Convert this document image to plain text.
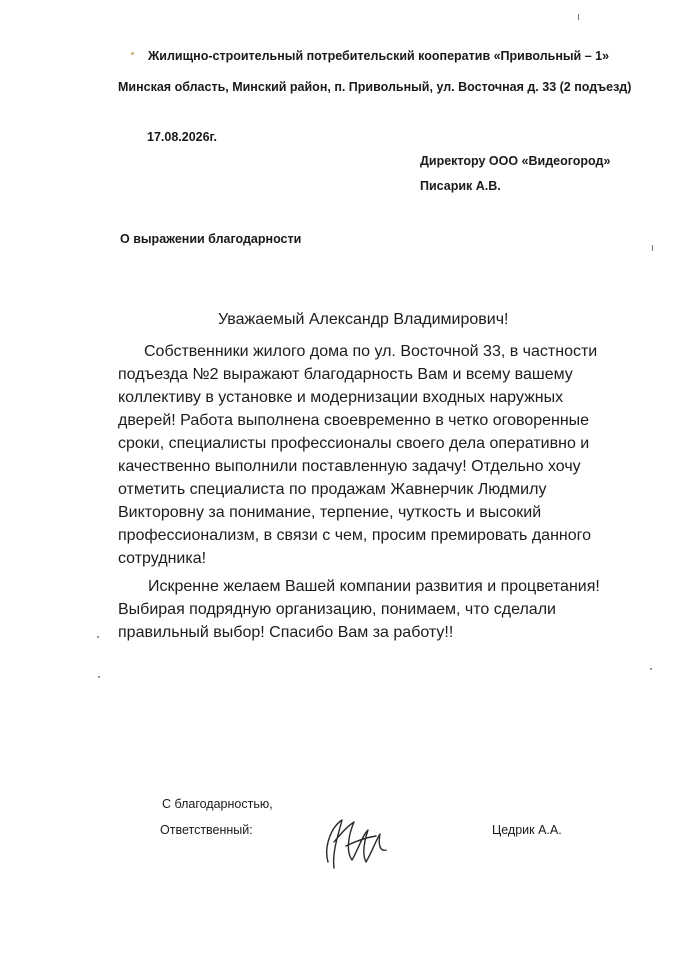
Жилищно-строительный потребительский кооператив «Привольный – 1»
Минская область, Минский район, п. Привольный, ул. Восточная д. 33 (2 подъезд)
17.08.2026г.
Директору ООО «Видеогород»
Писарик А.В.
О выражении благодарности
Уважаемый Александр Владимирович!
Собственники жилого дома по ул. Восточной 33, в частности
подъезда №2 выражают благодарность Вам и всему вашему
коллективу в установке и модернизации входных наружных
дверей! Работа выполнена своевременно в четко оговоренные
сроки, специалисты профессионалы своего дела оперативно и
качественно выполнили поставленную задачу! Отдельно хочу
отметить специалиста по продажам Жавнерчик Людмилу
Викторовну за понимание, терпение, чуткость и высокий
профессионализм, в связи с чем, просим премировать данного
сотрудника!
Искренне желаем Вашей компании развития и процветания!
Выбирая подрядную организацию, понимаем, что сделали
правильный выбор! Спасибо Вам за работу!!
С благодарностью,
Ответственный:	Цедрик А.А.
